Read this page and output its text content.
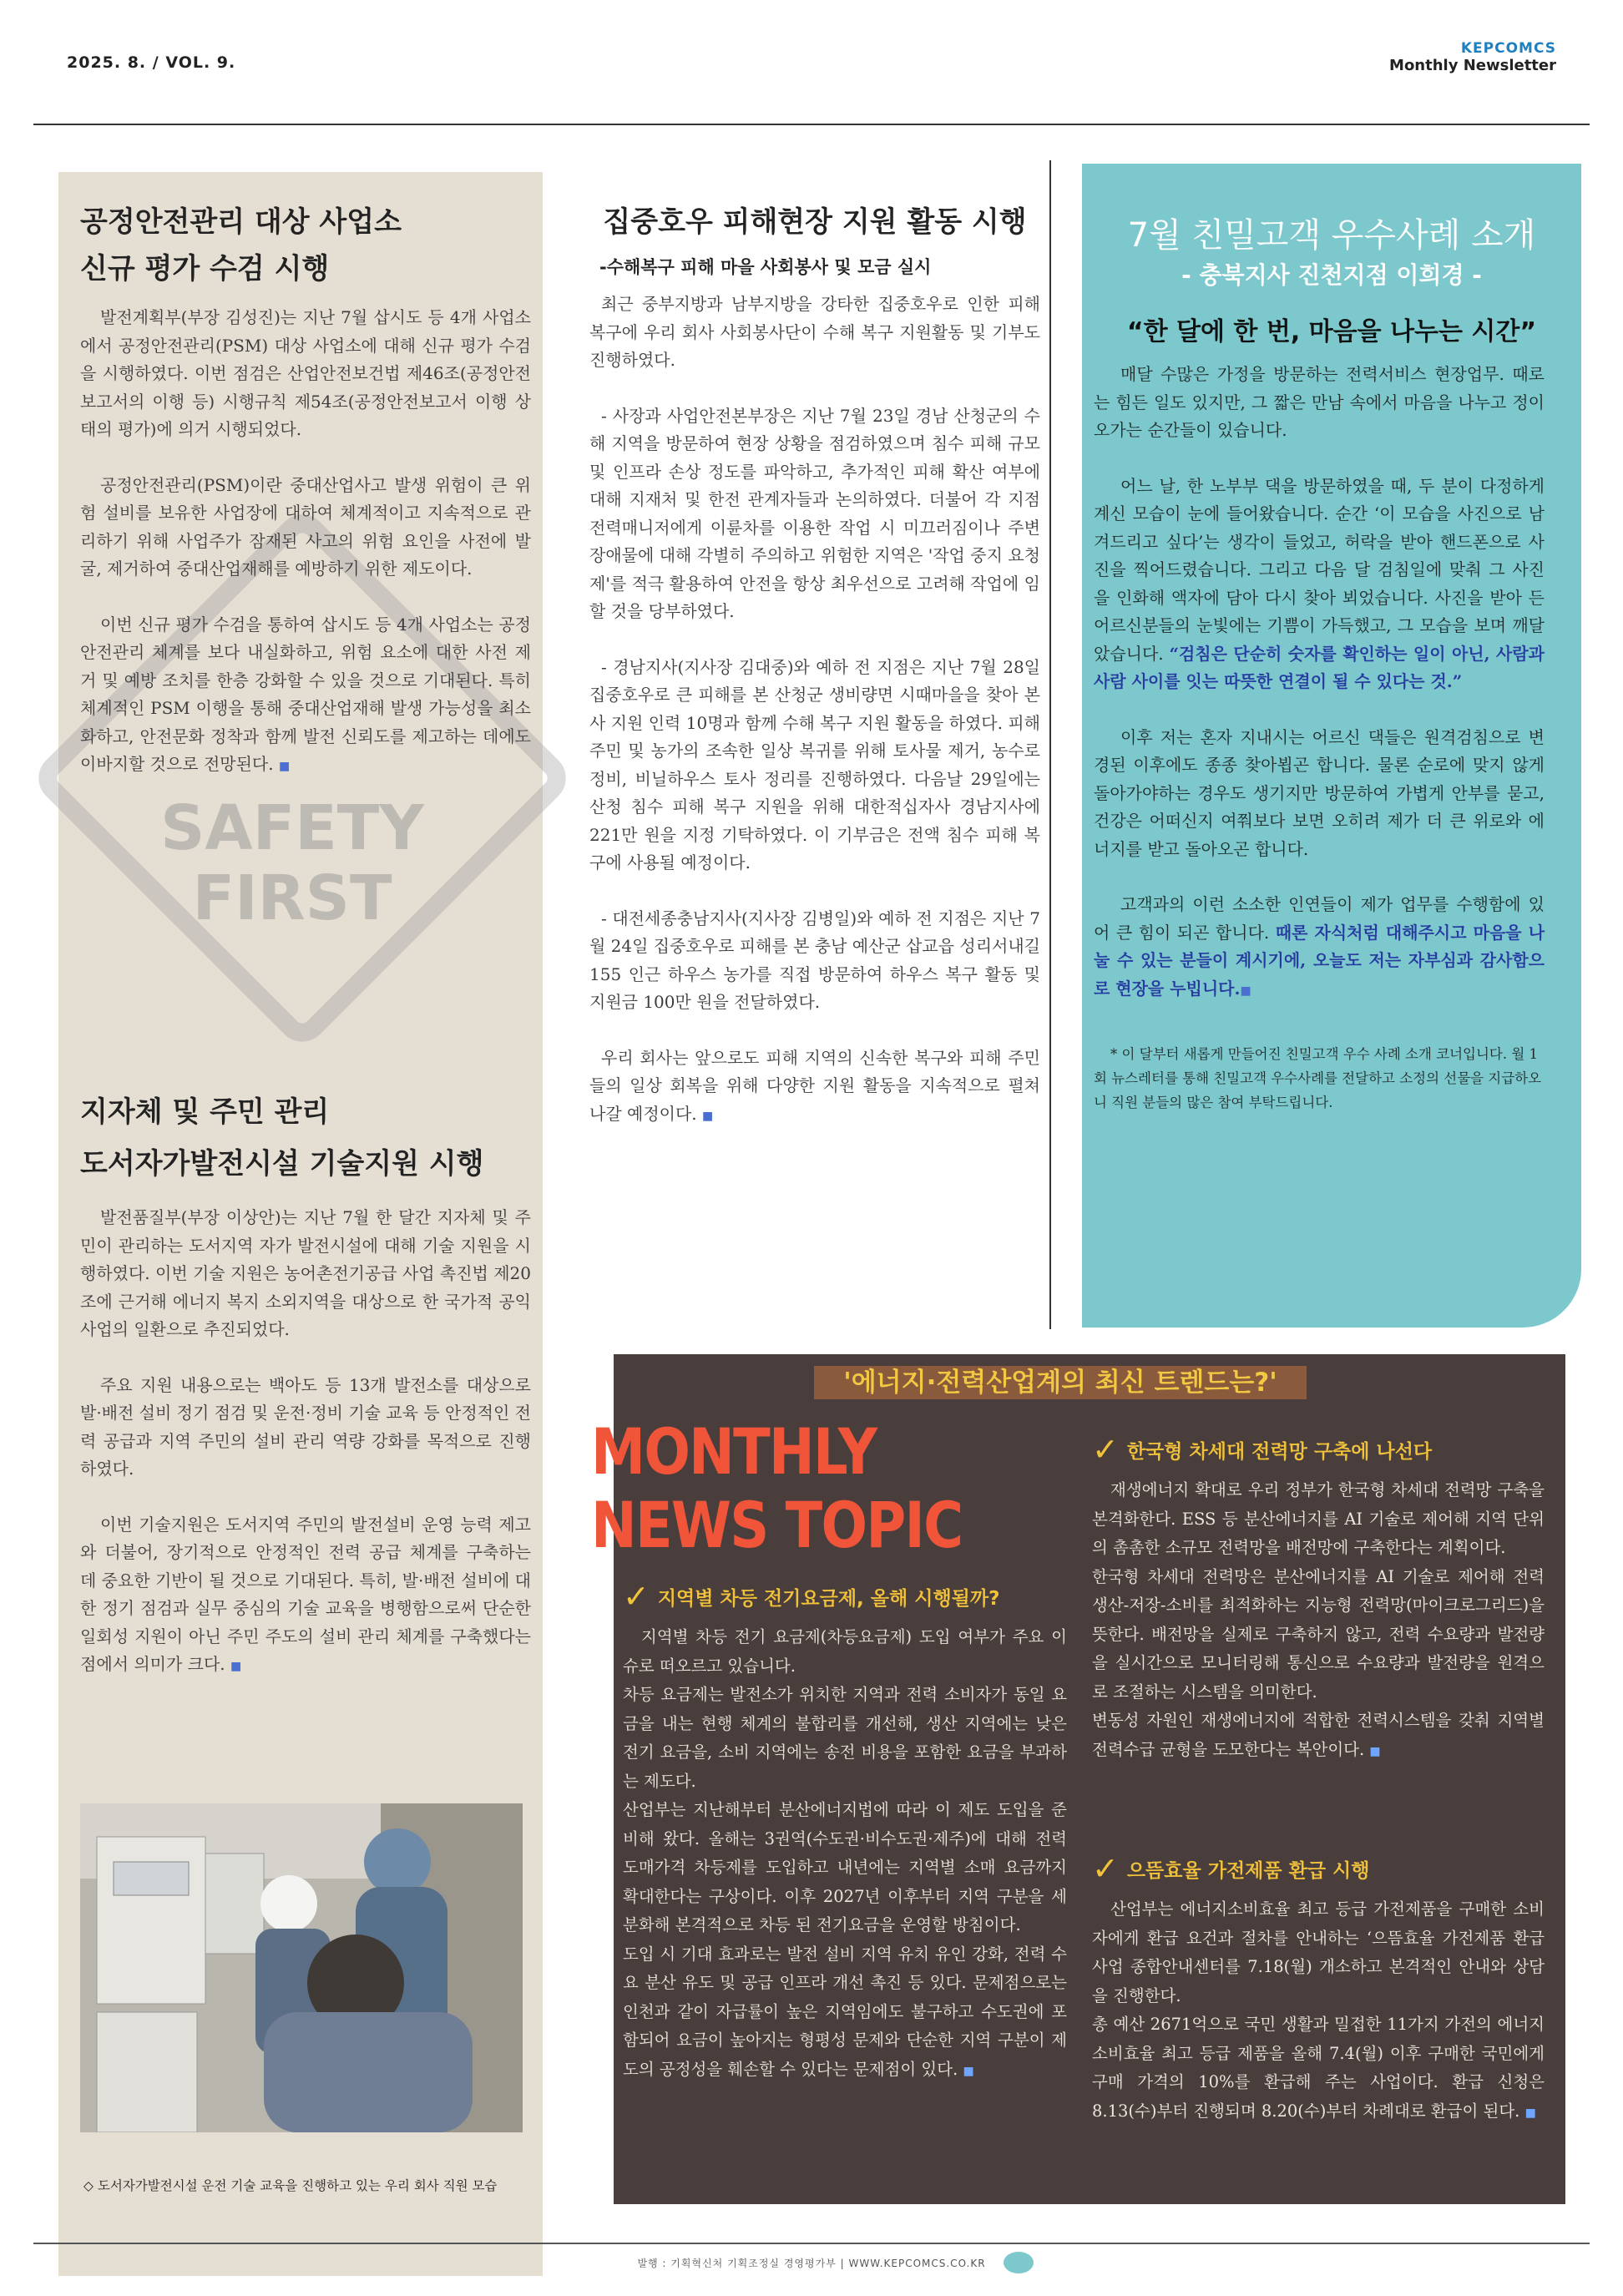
2025. 8. / VOL. 9.
KEPCOMCS
Monthly Newsletter
SAFETY FIRST
공정안전관리 대상 사업소
신규 평가 수검 시행

발전계획부(부장 김성진)는 지난 7월 삽시도 등 4개 사업소에서 공정안전관리(PSM) 대상 사업소에 대해 신규 평가 수검을 시행하였다. 이번 점검은 산업안전보건법 제46조(공정안전보고서의 이행 등) 시행규칙 제54조(공정안전보고서 이행 상태의 평가)에 의거 시행되었다.

공정안전관리(PSM)이란 중대산업사고 발생 위험이 큰 위험 설비를 보유한 사업장에 대하여 체계적이고 지속적으로 관리하기 위해 사업주가 잠재된 사고의 위험 요인을 사전에 발굴, 제거하여 중대산업재해를 예방하기 위한 제도이다.

이번 신규 평가 수검을 통하여 삽시도 등 4개 사업소는 공정안전관리 체계를 보다 내실화하고, 위험 요소에 대한 사전 제거 및 예방 조치를 한층 강화할 수 있을 것으로 기대된다. 특히 체계적인 PSM 이행을 통해 중대산업재해 발생 가능성을 최소화하고, 안전문화 정착과 함께 발전 신뢰도를 제고하는 데에도 이바지할 것으로 전망된다. ■

지자체 및 주민 관리
도서자가발전시설 기술지원 시행

발전품질부(부장 이상안)는 지난 7월 한 달간 지자체 및 주민이 관리하는 도서지역 자가 발전시설에 대해 기술 지원을 시행하였다. 이번 기술 지원은 농어촌전기공급 사업 촉진법 제20조에 근거해 에너지 복지 소외지역을 대상으로 한 국가적 공익사업의 일환으로 추진되었다.

주요 지원 내용으로는 백아도 등 13개 발전소를 대상으로 발·배전 설비 정기 점검 및 운전·정비 기술 교육 등 안정적인 전력 공급과 지역 주민의 설비 관리 역량 강화를 목적으로 진행하였다.

이번 기술지원은 도서지역 주민의 발전설비 운영 능력 제고와 더불어, 장기적으로 안정적인 전력 공급 체계를 구축하는 데 중요한 기반이 될 것으로 기대된다. 특히, 발·배전 설비에 대한 정기 점검과 실무 중심의 기술 교육을 병행함으로써 단순한 일회성 지원이 아닌 주민 주도의 설비 관리 체계를 구축했다는 점에서 의미가 크다. ■

◇ 도서자가발전시설 운전 기술 교육을 진행하고 있는 우리 회사 직원 모습
집중호우 피해현장 지원 활동 시행
-수해복구 피해 마을 사회봉사 및 모금 실시

최근 중부지방과 남부지방을 강타한 집중호우로 인한 피해 복구에 우리 회사 사회봉사단이 수해 복구 지원활동 및 기부도 진행하였다.

- 사장과 사업안전본부장은 지난 7월 23일 경남 산청군의 수해 지역을 방문하여 현장 상황을 점검하였으며 침수 피해 규모 및 인프라 손상 정도를 파악하고, 추가적인 피해 확산 여부에 대해 지재처 및 한전 관계자들과 논의하였다. 더불어 각 지점 전력매니저에게 이륜차를 이용한 작업 시 미끄러짐이나 주변 장애물에 대해 각별히 주의하고 위험한 지역은 '작업 중지 요청제'를 적극 활용하여 안전을 항상 최우선으로 고려해 작업에 임할 것을 당부하였다.

- 경남지사(지사장 김대중)와 예하 전 지점은 지난 7월 28일 집중호우로 큰 피해를 본 산청군 생비량면 시때마을을 찾아 본사 지원 인력 10명과 함께 수해 복구 지원 활동을 하였다. 피해 주민 및 농가의 조속한 일상 복귀를 위해 토사물 제거, 농수로 정비, 비닐하우스 토사 정리를 진행하였다. 다음날 29일에는 산청 침수 피해 복구 지원을 위해 대한적십자사 경남지사에 221만 원을 지정 기탁하였다. 이 기부금은 전액 침수 피해 복구에 사용될 예정이다.

- 대전세종충남지사(지사장 김병일)와 예하 전 지점은 지난 7월 24일 집중호우로 피해를 본 충남 예산군 삽교읍 성리서내길 155 인근 하우스 농가를 직접 방문하여 하우스 복구 활동 및 지원금 100만 원을 전달하였다.

우리 회사는 앞으로도 피해 지역의 신속한 복구와 피해 주민들의 일상 회복을 위해 다양한 지원 활동을 지속적으로 펼쳐 나갈 예정이다. ■

7월 친밀고객 우수사례 소개
- 충북지사 진천지점 이희경 -
“한 달에 한 번, 마음을 나누는 시간”

매달 수많은 가정을 방문하는 전력서비스 현장업무. 때로는 힘든 일도 있지만, 그 짧은 만남 속에서 마음을 나누고 정이 오가는 순간들이 있습니다.

어느 날, 한 노부부 댁을 방문하였을 때, 두 분이 다정하게 계신 모습이 눈에 들어왔습니다. 순간 ‘이 모습을 사진으로 남겨드리고 싶다’는 생각이 들었고, 허락을 받아 핸드폰으로 사진을 찍어드렸습니다. 그리고 다음 달 검침일에 맞춰 그 사진을 인화해 액자에 담아 다시 찾아 뵈었습니다. 사진을 받아 든 어르신분들의 눈빛에는 기쁨이 가득했고, 그 모습을 보며 깨달았습니다. “검침은 단순히 숫자를 확인하는 일이 아닌, 사람과 사람 사이를 잇는 따뜻한 연결이 될 수 있다는 것.”

이후 저는 혼자 지내시는 어르신 댁들은 원격검침으로 변경된 이후에도 종종 찾아뵙곤 합니다. 물론 순로에 맞지 않게 돌아가야하는 경우도 생기지만 방문하여 가볍게 안부를 묻고, 건강은 어떠신지 여쭤보다 보면 오히려 제가 더 큰 위로와 에너지를 받고 돌아오곤 합니다.

고객과의 이런 소소한 인연들이 제가 업무를 수행함에 있어 큰 힘이 되곤 합니다. 때론 자식처럼 대해주시고 마음을 나눌 수 있는 분들이 계시기에, 오늘도 저는 자부심과 감사함으로 현장을 누빕니다.■

* 이 달부터 새롭게 만들어진 친밀고객 우수 사례 소개 코너입니다. 월 1회 뉴스레터를 통해 친밀고객 우수사례를 전달하고 소정의 선물을 지급하오니 직원 분들의 많은 참여 부탁드립니다.

'에너지·전력산업계의 최신 트렌드는?'
MONTHLY
NEWS TOPIC
✓ 지역별 차등 전기요금제, 올해 시행될까?
지역별 차등 전기 요금제(차등요금제) 도입 여부가 주요 이슈로 떠오르고 있습니다.
차등 요금제는 발전소가 위치한 지역과 전력 소비자가 동일 요금을 내는 현행 체계의 불합리를 개선해, 생산 지역에는 낮은 전기 요금을, 소비 지역에는 송전 비용을 포함한 요금을 부과하는 제도다.
산업부는 지난해부터 분산에너지법에 따라 이 제도 도입을 준비해 왔다. 올해는 3권역(수도권·비수도권·제주)에 대해 전력 도매가격 차등제를 도입하고 내년에는 지역별 소매 요금까지 확대한다는 구상이다. 이후 2027년 이후부터 지역 구분을 세분화해 본격적으로 차등 된 전기요금을 운영할 방침이다.
도입 시 기대 효과로는 발전 설비 지역 유치 유인 강화, 전력 수요 분산 유도 및 공급 인프라 개선 촉진 등 있다. 문제점으로는 인천과 같이 자급률이 높은 지역임에도 불구하고 수도권에 포함되어 요금이 높아지는 형평성 문제와 단순한 지역 구분이 제도의 공정성을 훼손할 수 있다는 문제점이 있다. ■
✓ 한국형 차세대 전력망 구축에 나선다
재생에너지 확대로 우리 정부가 한국형 차세대 전력망 구축을 본격화한다. ESS 등 분산에너지를 AI 기술로 제어해 지역 단위의 촘촘한 소규모 전력망을 배전망에 구축한다는 계획이다.
한국형 차세대 전력망은 분산에너지를 AI 기술로 제어해 전력 생산-저장-소비를 최적화하는 지능형 전력망(마이크로그리드)을 뜻한다. 배전망을 실제로 구축하지 않고, 전력 수요량과 발전량을 실시간으로 모니터링해 통신으로 수요량과 발전량을 원격으로 조절하는 시스템을 의미한다.
변동성 자원인 재생에너지에 적합한 전력시스템을 갖춰 지역별 전력수급 균형을 도모한다는 복안이다. ■
✓ 으뜸효율 가전제품 환급 시행
산업부는 에너지소비효율 최고 등급 가전제품을 구매한 소비자에게 환급 요건과 절차를 안내하는 ‘으뜸효율 가전제품 환급 사업 종합안내센터를 7.18(월) 개소하고 본격적인 안내와 상담을 진행한다.
총 예산 2671억으로 국민 생활과 밀접한 11가지 가전의 에너지소비효율 최고 등급 제품을 올해 7.4(월) 이후 구매한 국민에게 구매 가격의 10%를 환급해 주는 사업이다. 환급 신청은 8.13(수)부터 진행되며 8.20(수)부터 차례대로 환급이 된다. ■
발행 : 기획혁신처 기획조정실 경영평가부 | WWW.KEPCOMCS.CO.KR
